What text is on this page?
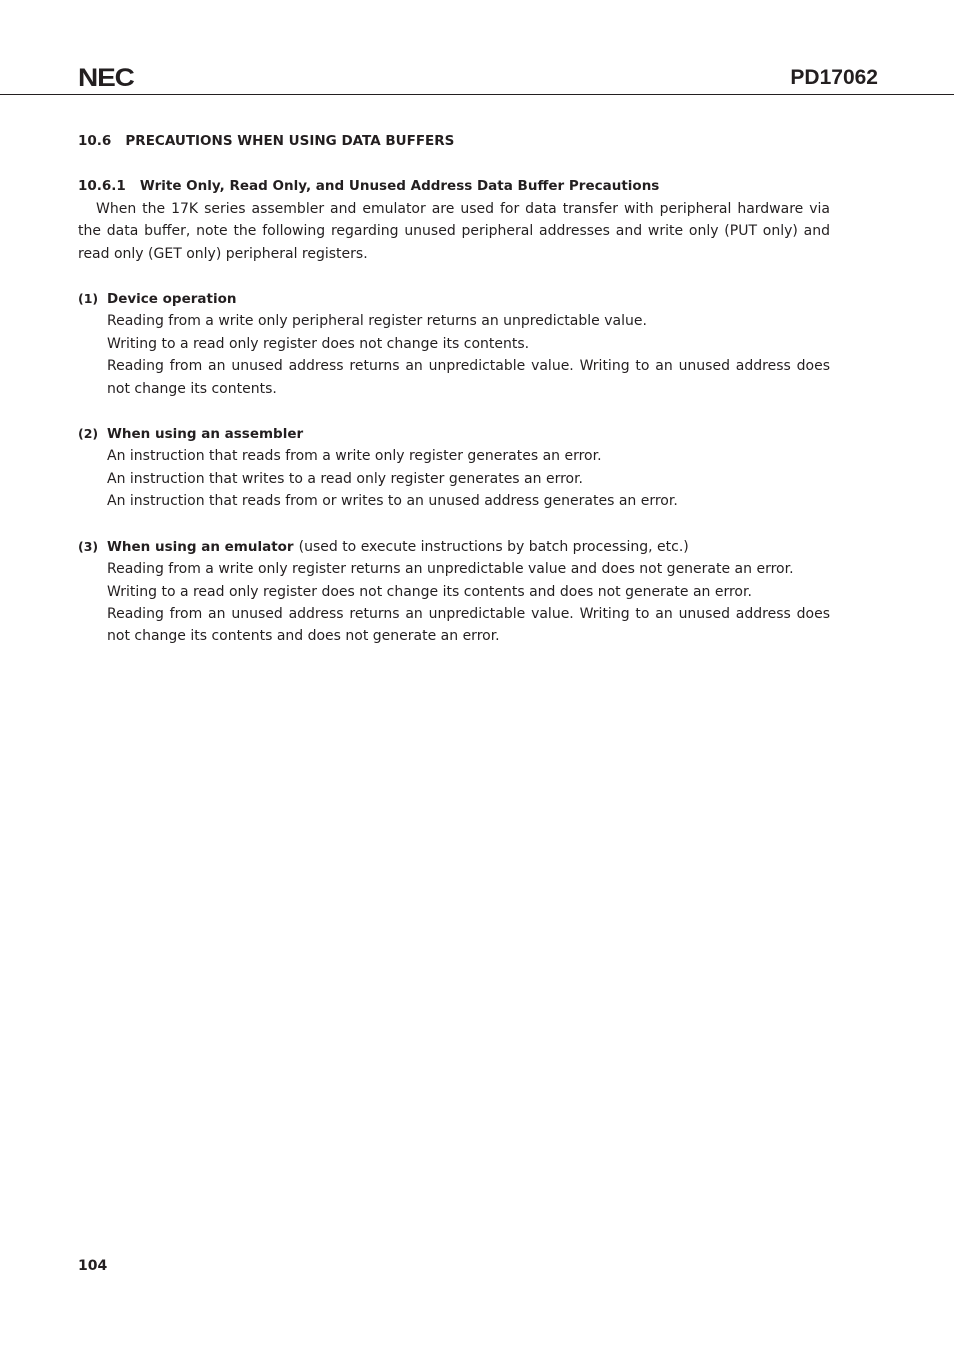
NEC	PD17062

10.6   PRECAUTIONS WHEN USING DATA BUFFERS

10.6.1   Write Only, Read Only, and Unused Address Data Buffer Precautions

When the 17K series assembler and emulator are used for data transfer with peripheral hardware via the data buffer, note the following regarding unused peripheral addresses and write only (PUT only) and read only (GET only) peripheral registers.

(1) Device operation

Reading from a write only peripheral register returns an unpredictable value.

Writing to a read only register does not change its contents.

Reading from an unused address returns an unpredictable value. Writing to an unused address does not change its contents.

(2) When using an assembler

An instruction that reads from a write only register generates an error.

An instruction that writes to a read only register generates an error.

An instruction that reads from or writes to an unused address generates an error.

(3) When using an emulator (used to execute instructions by batch processing, etc.)

Reading from a write only register returns an unpredictable value and does not generate an error.

Writing to a read only register does not change its contents and does not generate an error.

Reading from an unused address returns an unpredictable value. Writing to an unused address does not change its contents and does not generate an error.

104
